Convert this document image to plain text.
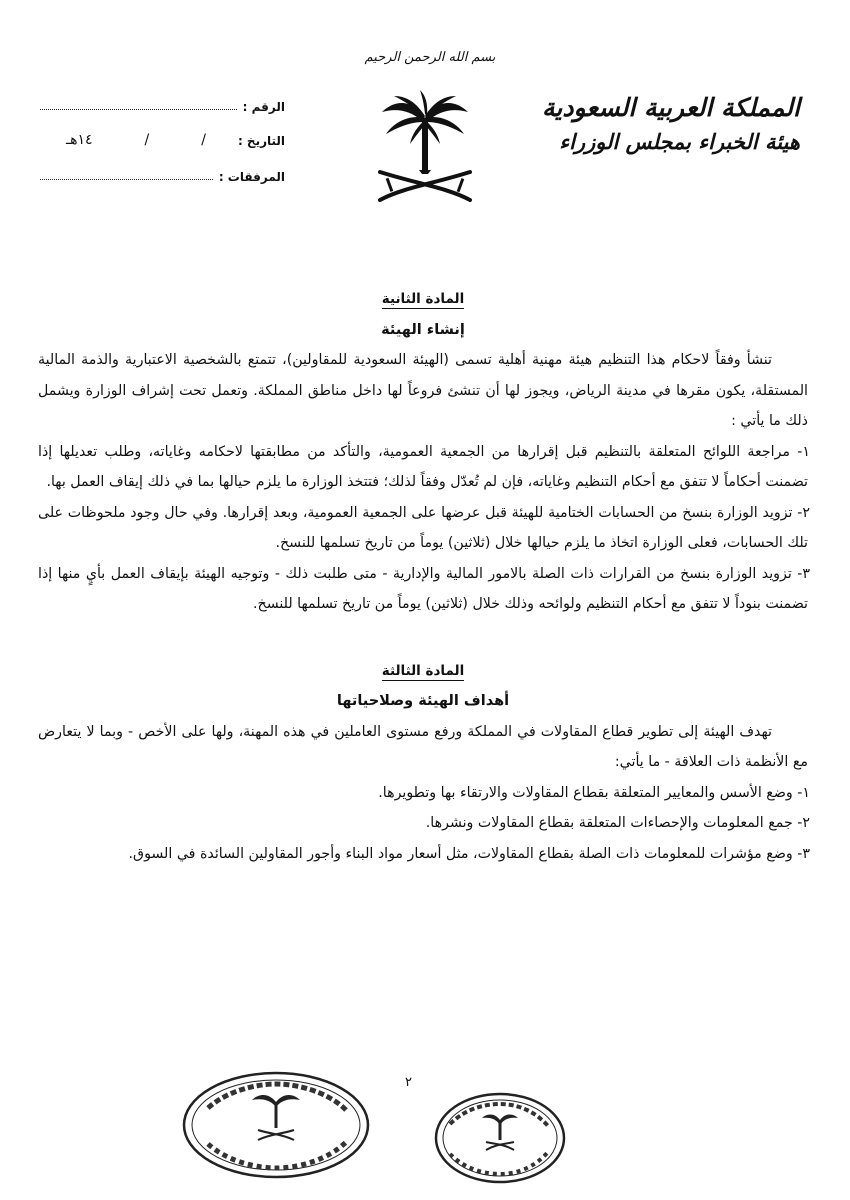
المملكة العربية السعودية
هيئة الخبراء بمجلس الوزراء
بسم الله الرحمن الرحيم
الرقم :
التاريخ :
١٤هـ	/	/
المرفقات :
المادة الثانية
إنشاء الهيئة

تنشأ وفقاً لاحكام هذا التنظيم هيئة مهنية أهلية تسمى (الهيئة السعودية للمقاولين)، تتمتع بالشخصية الاعتبارية والذمة المالية المستقلة، يكون مقرها في مدينة الرياض، ويجوز لها أن تنشئ فروعاً لها داخل مناطق المملكة. وتعمل تحت إشراف الوزارة ويشمل ذلك ما يأتي :

١- مراجعة اللوائح المتعلقة بالتنظيم قبل إقرارها من الجمعية العمومية، والتأكد من مطابقتها لاحكامه وغاياته، وطلب تعديلها إذا تضمنت أحكاماً لا تتفق مع أحكام التنظيم وغاياته، فإن لم تُعدّل وفقاً لذلك؛ فتتخذ الوزارة ما يلزم حيالها بما في ذلك إيقاف العمل بها.

٢- تزويد الوزارة بنسخ من الحسابات الختامية للهيئة قبل عرضها على الجمعية العمومية، وبعد إقرارها. وفي حال وجود ملحوظات على تلك الحسابات، فعلى الوزارة اتخاذ ما يلزم حيالها خلال (ثلاثين) يوماً من تاريخ تسلمها للنسخ.

٣- تزويد الوزارة بنسخ من القرارات ذات الصلة بالامور المالية والإدارية - متى طلبت ذلك - وتوجيه الهيئة بإيقاف العمل بأيٍ منها إذا تضمنت بنوداً لا تتفق مع أحكام التنظيم ولوائحه وذلك خلال (ثلاثين) يوماً من تاريخ تسلمها للنسخ.

المادة الثالثة
أهداف الهيئة وصلاحياتها

تهدف الهيئة إلى تطوير قطاع المقاولات في المملكة ورفع مستوى العاملين في هذه المهنة، ولها على الأخص - وبما لا يتعارض مع الأنظمة ذات العلاقة - ما يأتي:

١- وضع الأسس والمعايير المتعلقة بقطاع المقاولات والارتقاء بها وتطويرها.

٢- جمع المعلومات والإحصاءات المتعلقة بقطاع المقاولات ونشرها.

٣- وضع مؤشرات للمعلومات ذات الصلة بقطاع المقاولات، مثل أسعار مواد البناء وأجور المقاولين السائدة في السوق.

٢
